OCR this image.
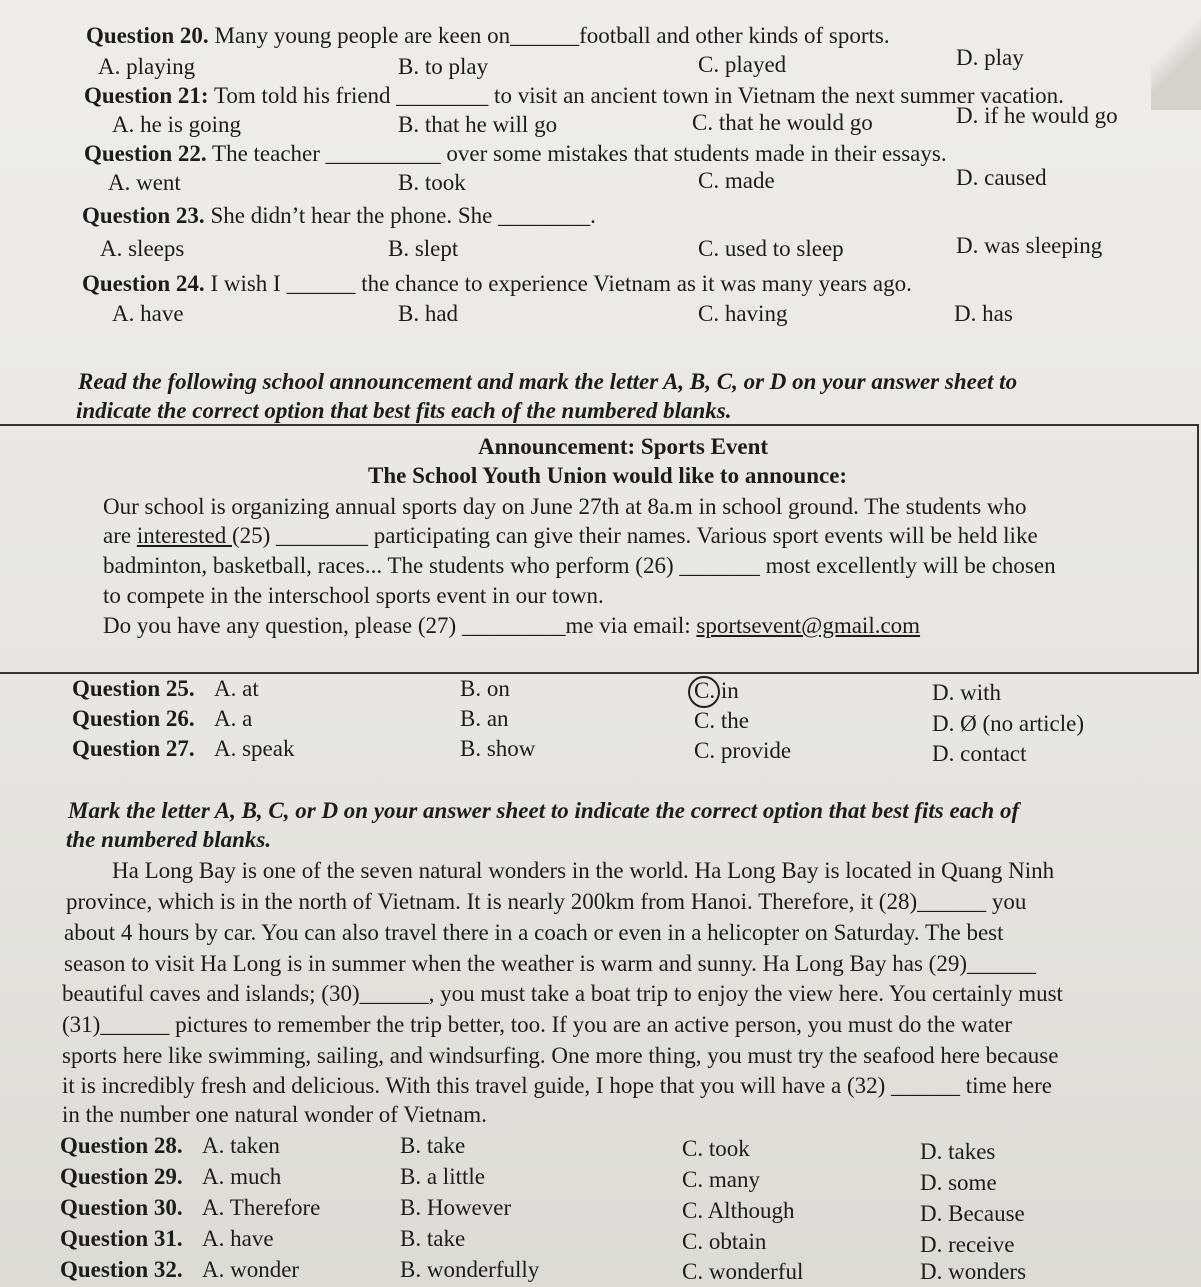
Question 20. Many young people are keen on______football and other kinds of sports.
A. playing	B. to play	C. played	D. play
Question 21: Tom told his friend ________ to visit an ancient town in Vietnam the next summer vacation.
A. he is going	B. that he will go	C. that he would go	D. if he would go
Question 22. The teacher __________ over some mistakes that students made in their essays.
A. went	B. took	C. made	D. caused
Question 23. She didn’t hear the phone. She ________.
A. sleeps	B. slept	C. used to sleep	D. was sleeping
Question 24. I wish I ______ the chance to experience Vietnam as it was many years ago.
A. have	B. had	C. having	D. has
Read the following school announcement and mark the letter A, B, C, or D on your answer sheet to
indicate the correct option that best fits each of the numbered blanks.
Announcement: Sports Event
The School Youth Union would like to announce:
Our school is organizing annual sports day on June 27th at 8a.m in school ground. The students who
are interested (25) ________ participating can give their names. Various sport events will be held like
badminton, basketball, races... The students who perform (26) _______ most excellently will be chosen
to compete in the interschool sports event in our town.
Do you have any question, please (27) _________me via email: sportsevent@gmail.com
Question 25. A. at	B. on	C. in	D. with
Question 26. A. a	B. an	C. the	D. Ø (no article)
Question 27. A. speak	B. show	C. provide	D. contact
Mark the letter A, B, C, or D on your answer sheet to indicate the correct option that best fits each of
the numbered blanks.
Ha Long Bay is one of the seven natural wonders in the world. Ha Long Bay is located in Quang Ninh
province, which is in the north of Vietnam. It is nearly 200km from Hanoi. Therefore, it (28)______ you
about 4 hours by car. You can also travel there in a coach or even in a helicopter on Saturday. The best
season to visit Ha Long is in summer when the weather is warm and sunny. Ha Long Bay has (29)______
beautiful caves and islands; (30)______, you must take a boat trip to enjoy the view here. You certainly must
(31)______ pictures to remember the trip better, too. If you are an active person, you must do the water
sports here like swimming, sailing, and windsurfing. One more thing, you must try the seafood here because
it is incredibly fresh and delicious. With this travel guide, I hope that you will have a (32) ______ time here
in the number one natural wonder of Vietnam.
Question 28. A. taken	B. take	C. took	D. takes
Question 29. A. much	B. a little	C. many	D. some
Question 30. A. Therefore	B. However	C. Although	D. Because
Question 31. A. have	B. take	C. obtain	D. receive
Question 32. A. wonder	B. wonderfully	C. wonderful	D. wonders
